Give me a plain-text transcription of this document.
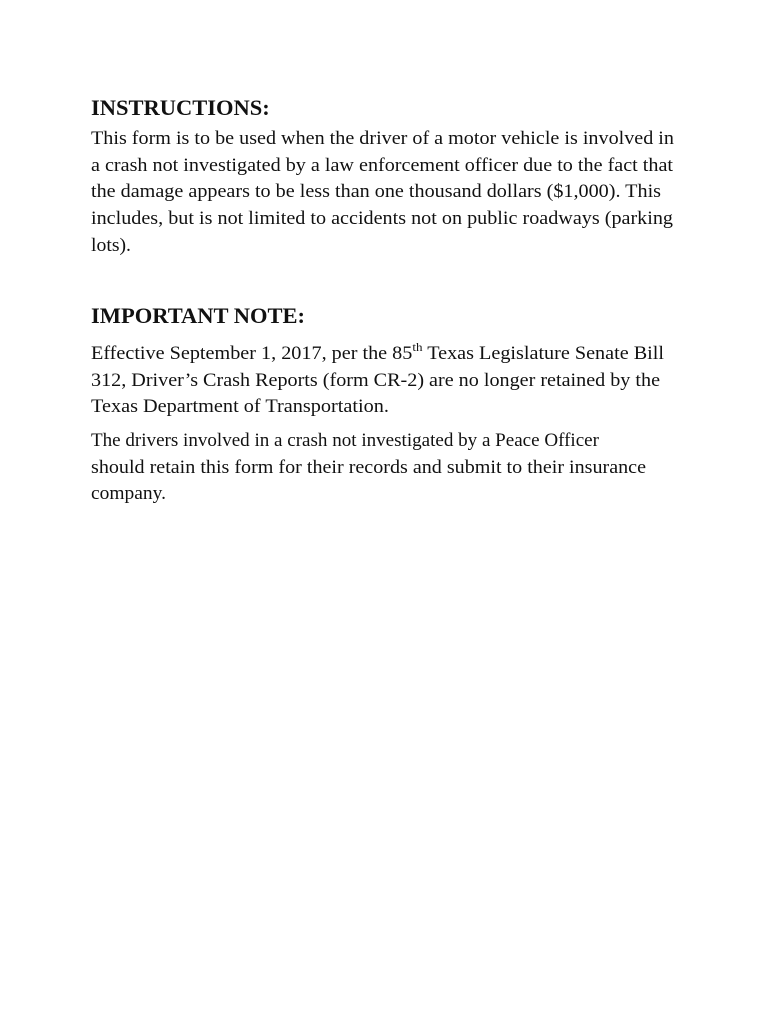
INSTRUCTIONS:
This form is to be used when the driver of a motor vehicle is involved in
a crash not investigated by a law enforcement officer due to the fact that
the damage appears to be less than one thousand dollars ($1,000). This
includes, but is not limited to accidents not on public roadways (parking
lots).
IMPORTANT NOTE:
Effective September 1, 2017, per the 85th Texas Legislature Senate Bill
312, Driver’s Crash Reports (form CR-2) are no longer retained by the
Texas Department of Transportation.
The drivers involved in a crash not investigated by a Peace Officer
should retain this form for their records and submit to their insurance
company.
